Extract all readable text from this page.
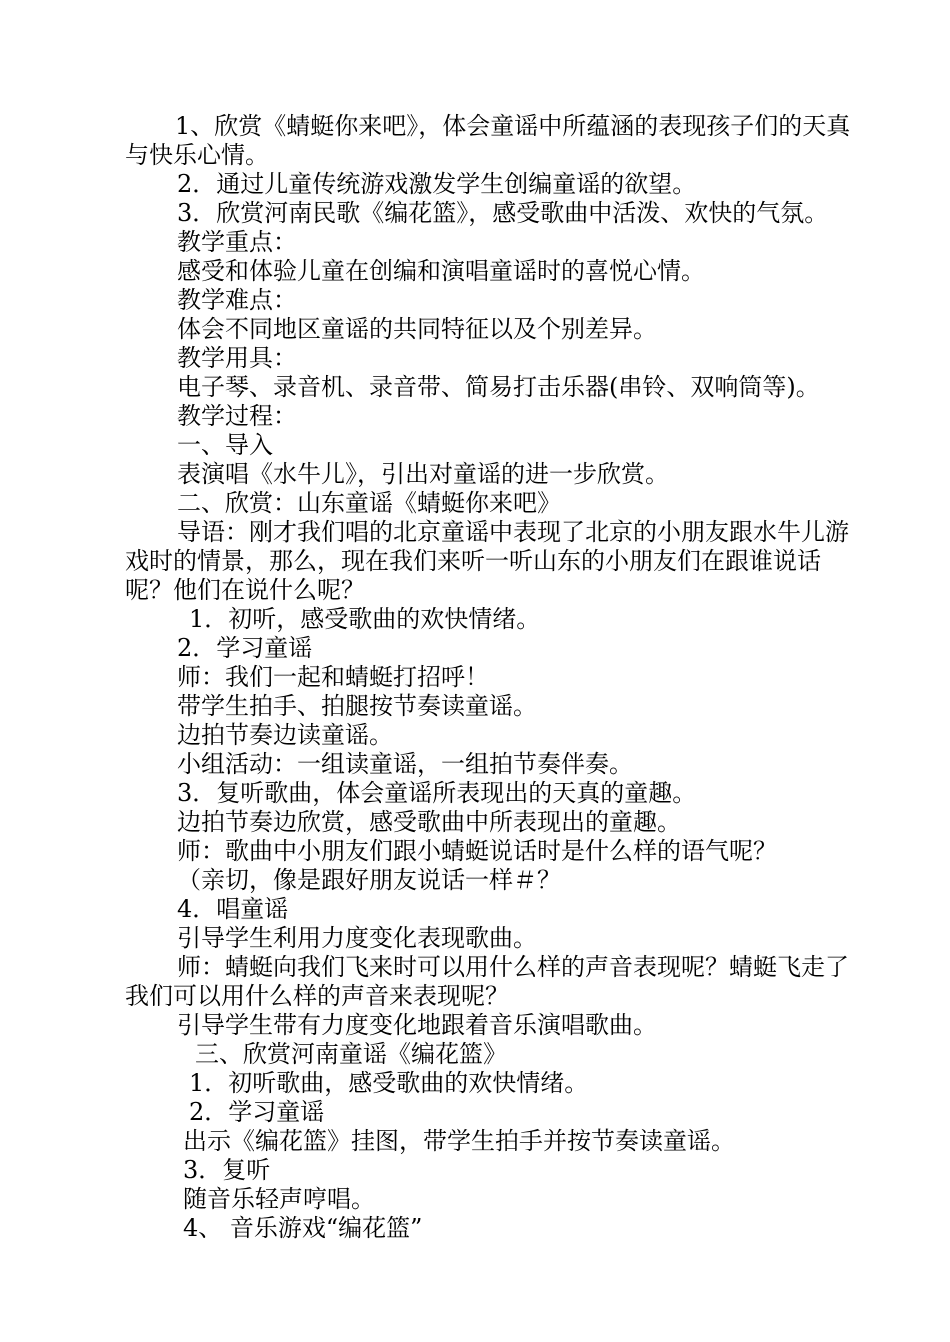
1、欣赏《蜻蜓你来吧》，体会童谣中所蕴涵的表现孩子们的天真与快乐心情。

2．通过儿童传统游戏激发学生创编童谣的欲望。

3．欣赏河南民歌《编花篮》，感受歌曲中活泼、欢快的气氛。

教学重点：

感受和体验儿童在创编和演唱童谣时的喜悦心情。

教学难点：

体会不同地区童谣的共同特征以及个别差异。

教学用具：

电子琴、录音机、录音带、简易打击乐器(串铃、双响筒等)。

教学过程：

一、导入

表演唱《水牛儿》，引出对童谣的进一步欣赏。

二、欣赏：山东童谣《蜻蜓你来吧》

导语：刚才我们唱的北京童谣中表现了北京的小朋友跟水牛儿游戏时的情景，那么，现在我们来听一听山东的小朋友们在跟谁说话呢？他们在说什么呢？

1．初听，感受歌曲的欢快情绪。

2．学习童谣

师：我们一起和蜻蜓打招呼！

带学生拍手、拍腿按节奏读童谣。

边拍节奏边读童谣。

小组活动：一组读童谣，一组拍节奏伴奏。

3．复听歌曲，体会童谣所表现出的天真的童趣。

边拍节奏边欣赏，感受歌曲中所表现出的童趣。

师：歌曲中小朋友们跟小蜻蜓说话时是什么样的语气呢？

（亲切，像是跟好朋友说话一样＃？

4．唱童谣

引导学生利用力度变化表现歌曲。

师：蜻蜓向我们飞来时可以用什么样的声音表现呢？蜻蜓飞走了我们可以用什么样的声音来表现呢？

引导学生带有力度变化地跟着音乐演唱歌曲。

三、欣赏河南童谣《编花篮》

1．初听歌曲，感受歌曲的欢快情绪。

2．学习童谣

出示《编花篮》挂图，带学生拍手并按节奏读童谣。

3．复听

随音乐轻声哼唱。

4、 音乐游戏“编花篮”
